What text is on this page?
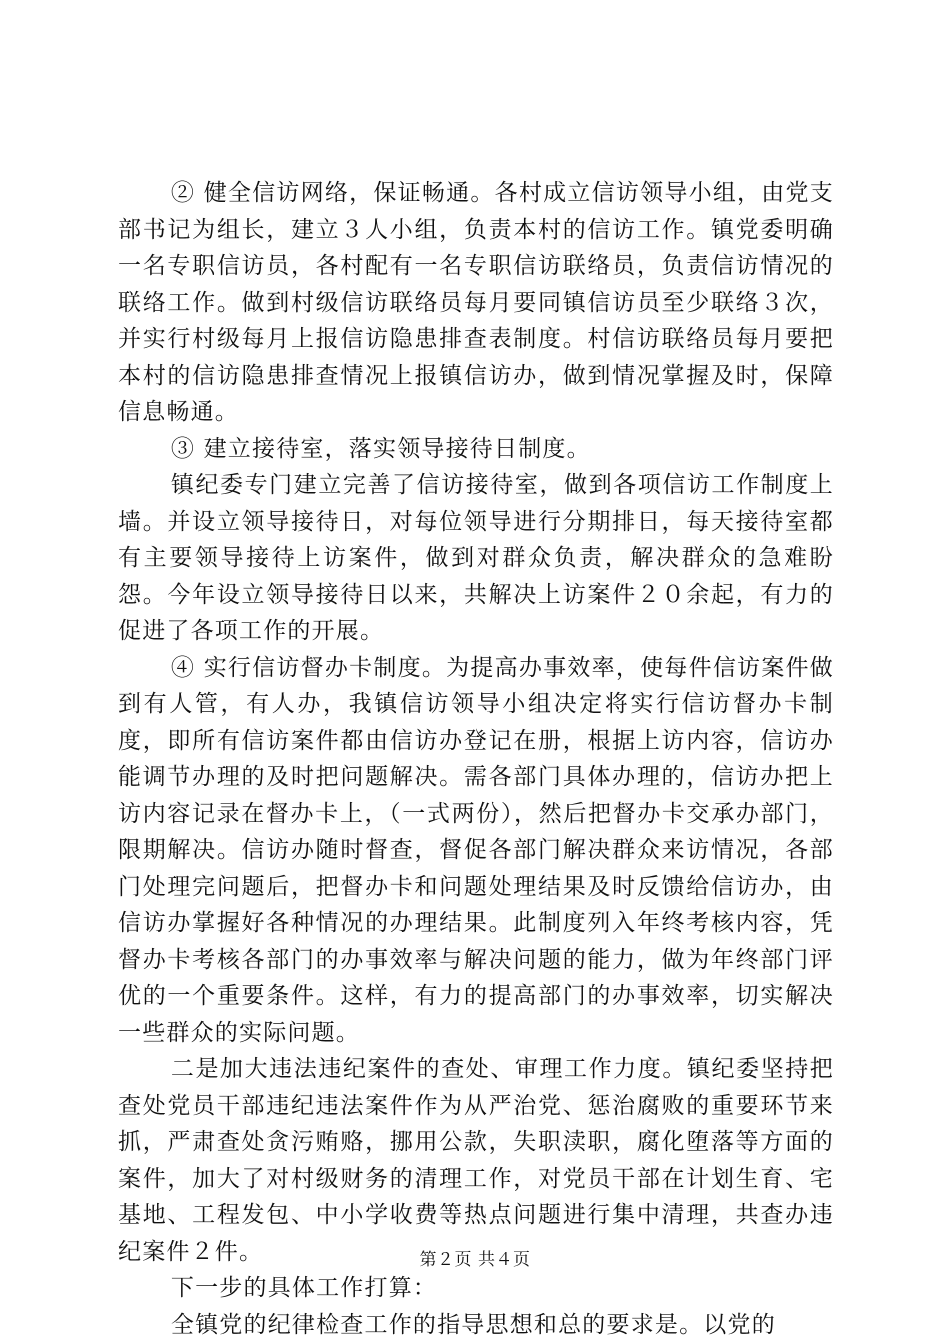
② 健全信访网络，保证畅通。各村成立信访领导小组，由党支部书记为组长，建立３人小组，负责本村的信访工作。镇党委明确一名专职信访员，各村配有一名专职信访联络员，负责信访情况的联络工作。做到村级信访联络员每月要同镇信访员至少联络３次，并实行村级每月上报信访隐患排查表制度。村信访联络员每月要把本村的信访隐患排查情况上报镇信访办，做到情况掌握及时，保障信息畅通。

③ 建立接待室，落实领导接待日制度。

镇纪委专门建立完善了信访接待室，做到各项信访工作制度上墙。并设立领导接待日，对每位领导进行分期排日，每天接待室都有主要领导接待上访案件，做到对群众负责，解决群众的急难盼怨。今年设立领导接待日以来，共解决上访案件２０余起，有力的促进了各项工作的开展。

④ 实行信访督办卡制度。为提高办事效率，使每件信访案件做到有人管，有人办，我镇信访领导小组决定将实行信访督办卡制度，即所有信访案件都由信访办登记在册，根据上访内容，信访办能调节办理的及时把问题解决。需各部门具体办理的，信访办把上访内容记录在督办卡上，（一式两份），然后把督办卡交承办部门，限期解决。信访办随时督查，督促各部门解决群众来访情况，各部门处理完问题后，把督办卡和问题处理结果及时反馈给信访办，由信访办掌握好各种情况的办理结果。此制度列入年终考核内容，凭督办卡考核各部门的办事效率与解决问题的能力，做为年终部门评优的一个重要条件。这样，有力的提高部门的办事效率，切实解决一些群众的实际问题。

二是加大违法违纪案件的查处、审理工作力度。镇纪委坚持把查处党员干部违纪违法案件作为从严治党、惩治腐败的重要环节来抓，严肃查处贪污贿赂，挪用公款，失职渎职，腐化堕落等方面的案件，加大了对村级财务的清理工作，对党员干部在计划生育、宅基地、工程发包、中小学收费等热点问题进行集中清理，共查办违纪案件２件。

下一步的具体工作打算：

全镇党的纪律检查工作的指导思想和总的要求是。以党的

第２页 共４页
